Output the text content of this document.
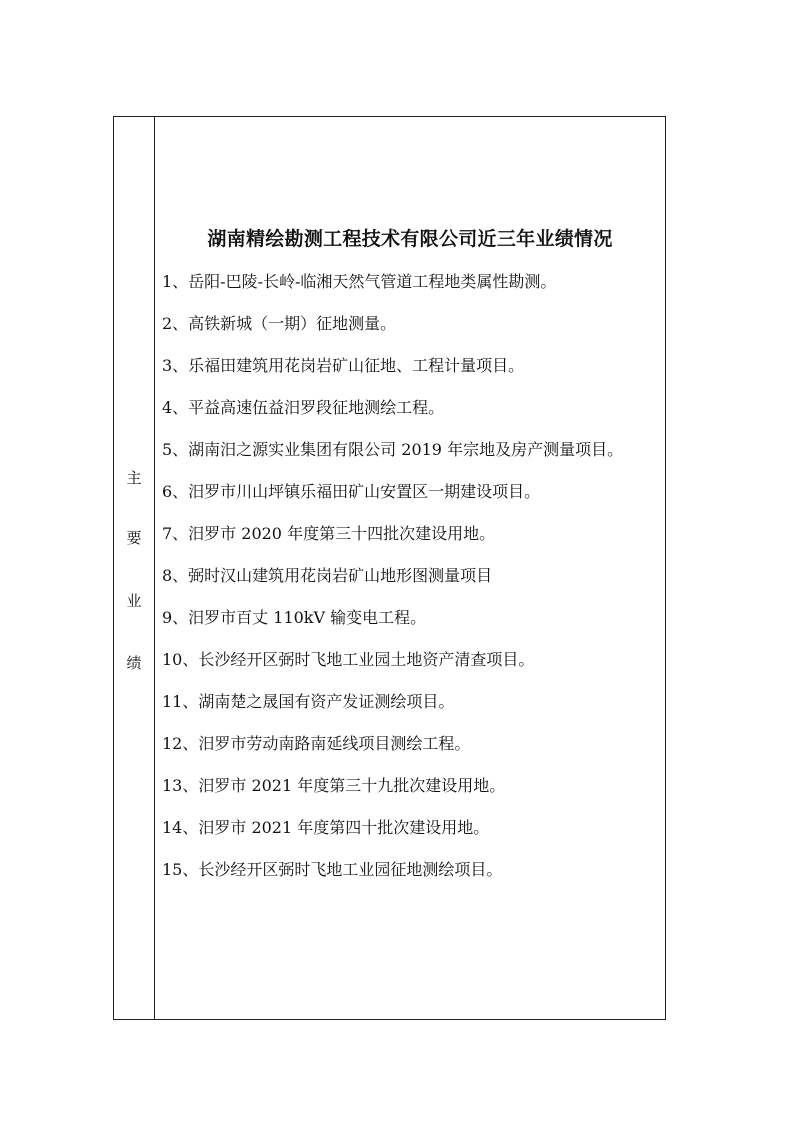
主
要
业
绩
湖南精绘勘测工程技术有限公司近三年业绩情况
1、岳阳-巴陵-长岭-临湘天然气管道工程地类属性勘测。
2、高铁新城（一期）征地测量。
3、乐福田建筑用花岗岩矿山征地、工程计量项目。
4、平益高速伍益汨罗段征地测绘工程。
5、湖南汨之源实业集团有限公司 2019 年宗地及房产测量项目。
6、汨罗市川山坪镇乐福田矿山安置区一期建设项目。
7、汨罗市 2020 年度第三十四批次建设用地。
8、弼时汉山建筑用花岗岩矿山地形图测量项目
9、汨罗市百丈 110kV 输变电工程。
10、长沙经开区弼时飞地工业园土地资产清查项目。
11、湖南楚之晟国有资产发证测绘项目。
12、汨罗市劳动南路南延线项目测绘工程。
13、汨罗市 2021 年度第三十九批次建设用地。
14、汨罗市 2021 年度第四十批次建设用地。
15、长沙经开区弼时飞地工业园征地测绘项目。
